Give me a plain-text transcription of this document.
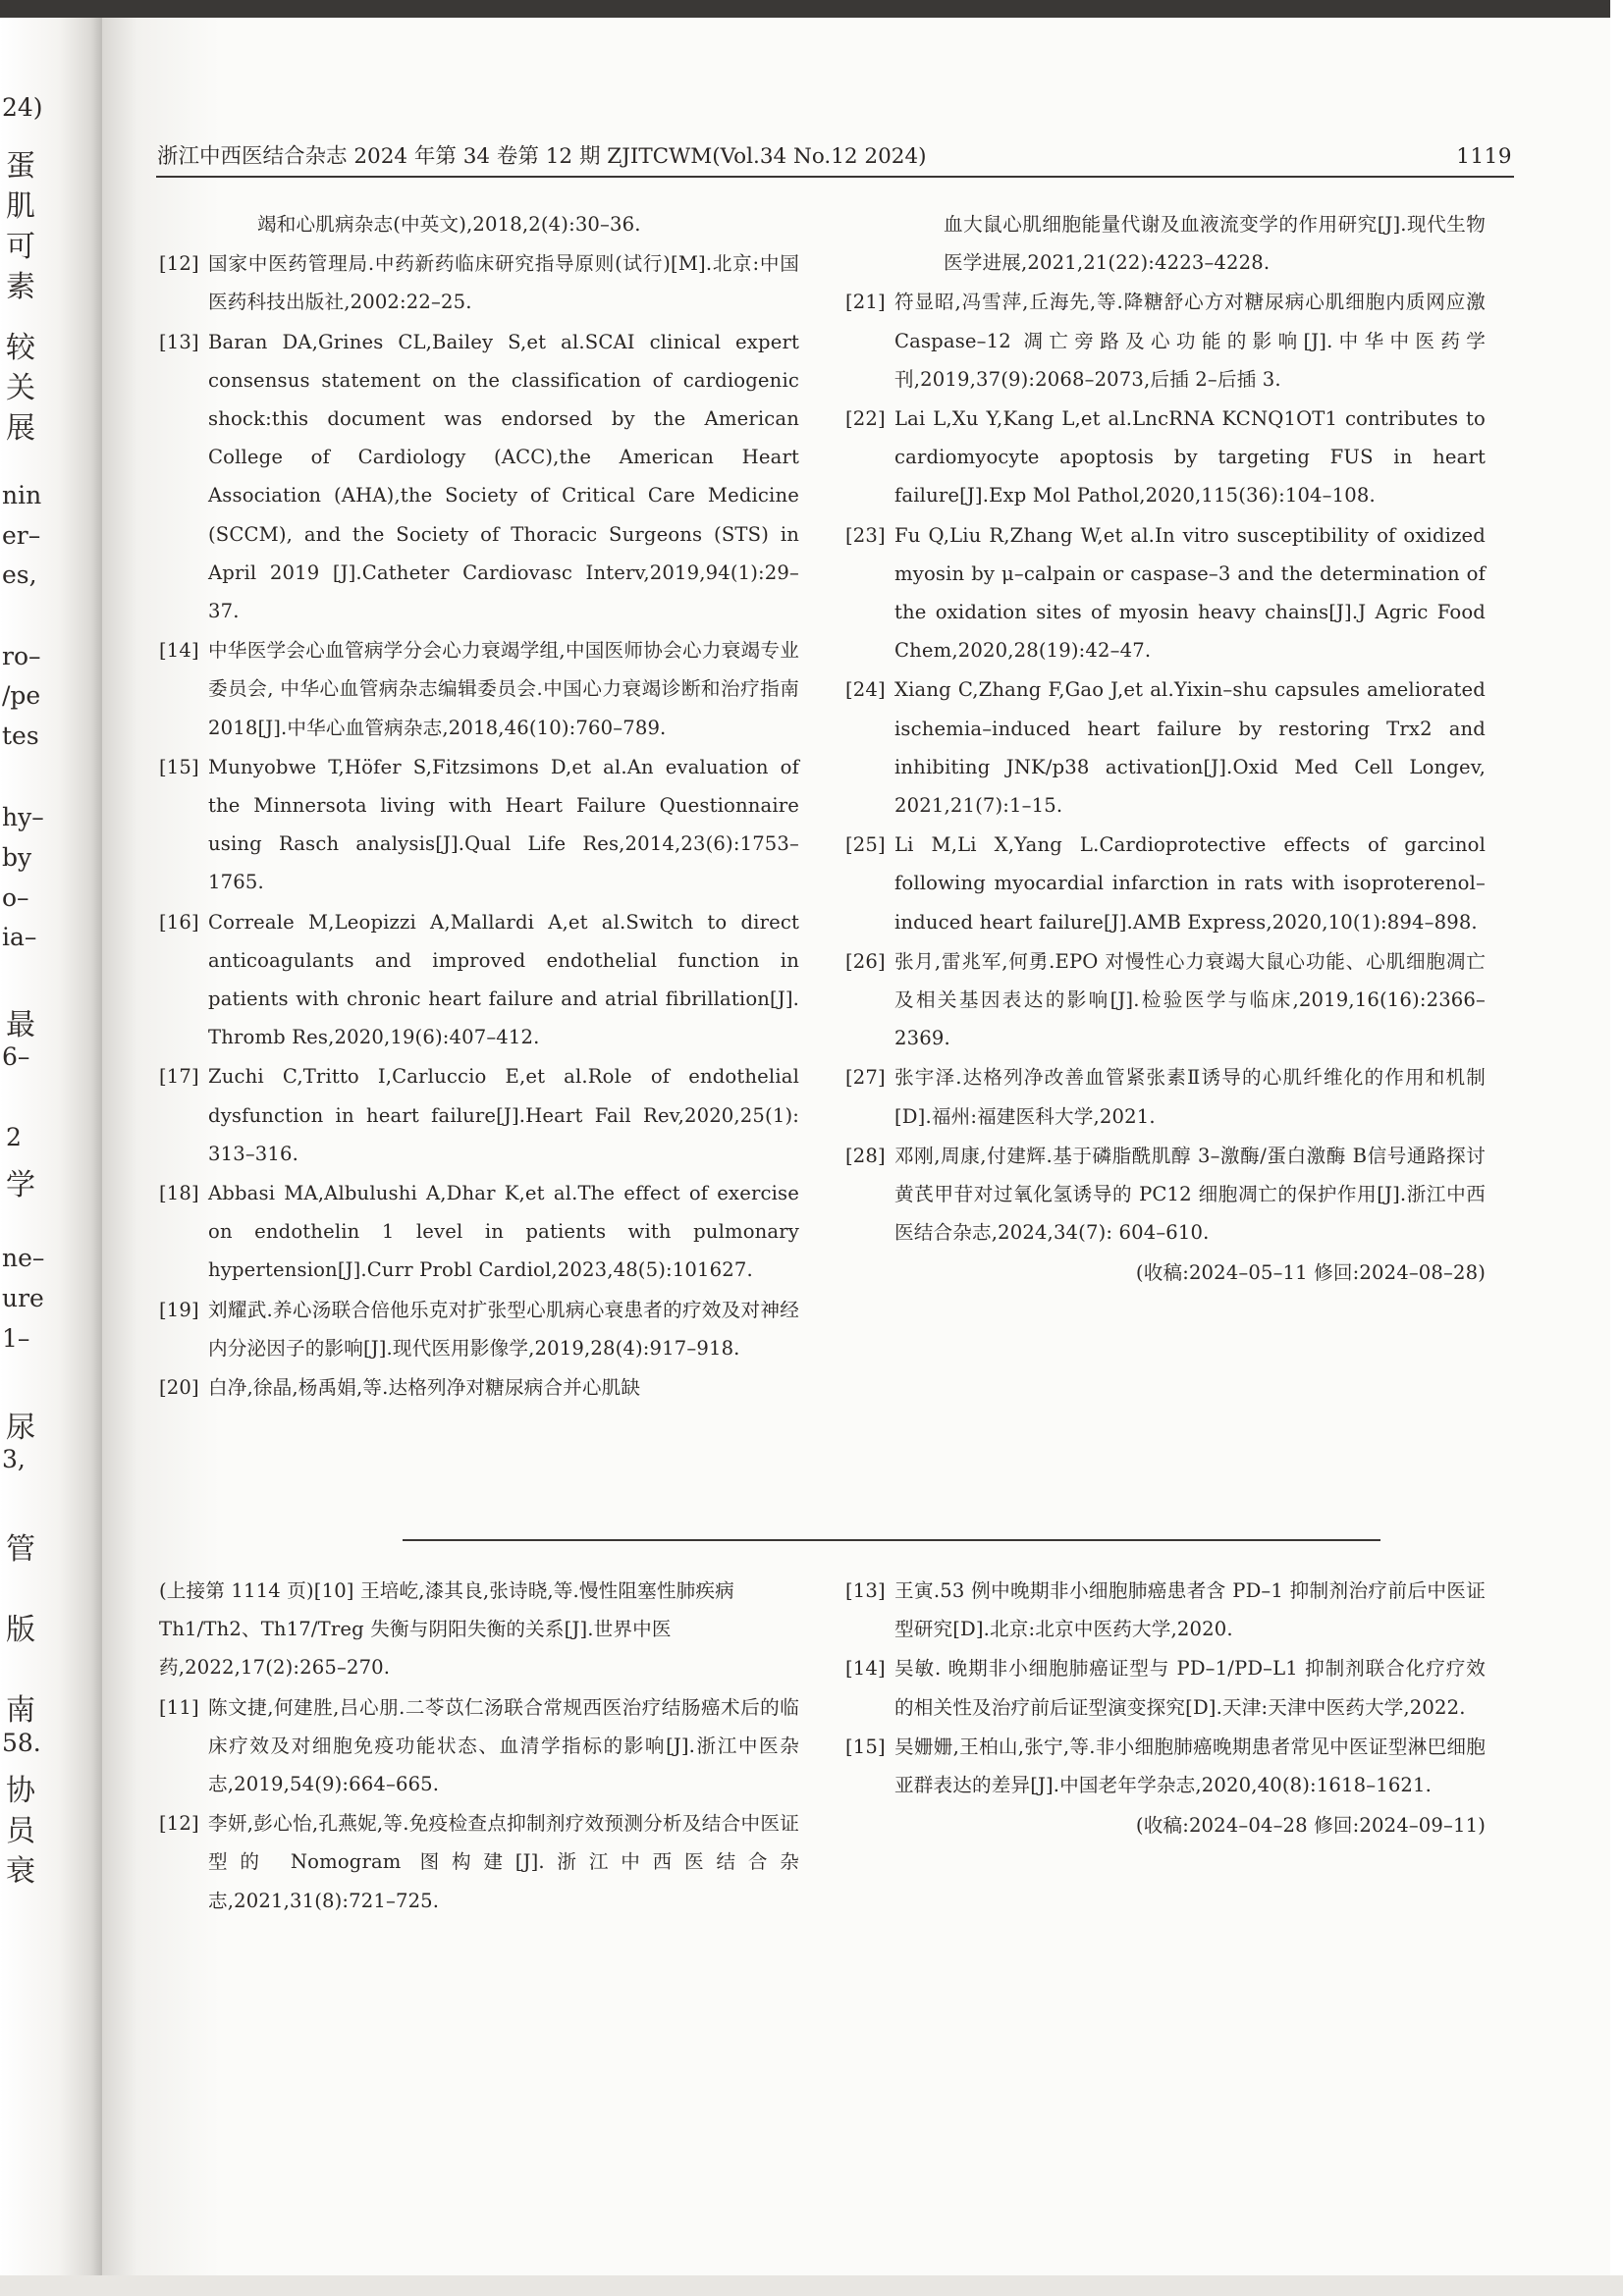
24)
蛋
肌
可
素
较
关
展
nin
er–
es,
ro–
/pe
tes
hy–
by
o–
ia–
最
6–
2
学
ne–
ure
1–
尿
3,
管
版
南
58.
协
员
衰
浙江中西医结合杂志 2024 年第 34 卷第 12 期 ZJITCWM(Vol.34 No.12 2024)	1119
竭和心肌病杂志(中英文),2018,2(4):30–36.
[12] 国家中医药管理局.中药新药临床研究指导原则(试行)[M].北京:中国医药科技出版社,2002:22–25.
[13] Baran DA,Grines CL,Bailey S,et al.SCAI clinical expert consensus statement on the classification of cardiogenic shock:this document was endorsed by the American College of Cardiology (ACC),the American Heart Association (AHA),the Society of Critical Care Medicine (SCCM), and the Society of Thoracic Surgeons (STS) in April 2019 [J].Catheter Cardiovasc Interv,2019,94(1):29–37.
[14] 中华医学会心血管病学分会心力衰竭学组,中国医师协会心力衰竭专业委员会, 中华心血管病杂志编辑委员会.中国心力衰竭诊断和治疗指南 2018[J].中华心血管病杂志,2018,46(10):760–789.
[15] Munyobwe T,Höfer S,Fitzsimons D,et al.An evaluation of the Minnersota living with Heart Failure Questionnaire using Rasch analysis[J].Qual Life Res,2014,23(6):1753–1765.
[16] Correale M,Leopizzi A,Mallardi A,et al.Switch to direct anticoagulants and improved endothelial function in patients with chronic heart failure and atrial fibrillation[J]. Thromb Res,2020,19(6):407–412.
[17] Zuchi C,Tritto I,Carluccio E,et al.Role of endothelial dysfunction in heart failure[J].Heart Fail Rev,2020,25(1): 313–316.
[18] Abbasi MA,Albulushi A,Dhar K,et al.The effect of exercise on endothelin 1 level in patients with pulmonary hypertension[J].Curr Probl Cardiol,2023,48(5):101627.
[19] 刘耀武.养心汤联合倍他乐克对扩张型心肌病心衰患者的疗效及对神经内分泌因子的影响[J].现代医用影像学,2019,28(4):917–918.
[20] 白净,徐晶,杨禹娟,等.达格列净对糖尿病合并心肌缺
血大鼠心肌细胞能量代谢及血液流变学的作用研究[J].现代生物医学进展,2021,21(22):4223–4228.
[21] 符显昭,冯雪萍,丘海先,等.降糖舒心方对糖尿病心肌细胞内质网应激 Caspase–12 凋亡旁路及心功能的影响[J].中华中医药学刊,2019,37(9):2068–2073,后插 2–后插 3.
[22] Lai L,Xu Y,Kang L,et al.LncRNA KCNQ1OT1 contributes to cardiomyocyte apoptosis by targeting FUS in heart failure[J].Exp Mol Pathol,2020,115(36):104–108.
[23] Fu Q,Liu R,Zhang W,et al.In vitro susceptibility of oxidized myosin by μ–calpain or caspase–3 and the determination of the oxidation sites of myosin heavy chains[J].J Agric Food Chem,2020,28(19):42–47.
[24] Xiang C,Zhang F,Gao J,et al.Yixin–shu capsules ameliorated ischemia–induced heart failure by restoring Trx2 and inhibiting JNK/p38 activation[J].Oxid Med Cell Longev, 2021,21(7):1–15.
[25] Li M,Li X,Yang L.Cardioprotective effects of garcinol following myocardial infarction in rats with isoproterenol–induced heart failure[J].AMB Express,2020,10(1):894–898.
[26] 张月,雷兆军,何勇.EPO 对慢性心力衰竭大鼠心功能、心肌细胞凋亡及相关基因表达的影响[J].检验医学与临床,2019,16(16):2366–2369.
[27] 张宇泽.达格列净改善血管紧张素Ⅱ诱导的心肌纤维化的作用和机制[D].福州:福建医科大学,2021.
[28] 邓刚,周康,付建辉.基于磷脂酰肌醇 3–激酶/蛋白激酶 B信号通路探讨黄芪甲苷对过氧化氢诱导的 PC12 细胞凋亡的保护作用[J].浙江中西医结合杂志,2024,34(7): 604–610.
(收稿:2024–05–11 修回:2024–08–28)
(上接第 1114 页)[10] 王培屹,漆其良,张诗晓,等.慢性阻塞性肺疾病 Th1/Th2、Th17/Treg 失衡与阴阳失衡的关系[J].世界中医药,2022,17(2):265–270.
[11] 陈文捷,何建胜,吕心朋.二苓苡仁汤联合常规西医治疗结肠癌术后的临床疗效及对细胞免疫功能状态、血清学指标的影响[J].浙江中医杂志,2019,54(9):664–665.
[12] 李妍,彭心怡,孔燕妮,等.免疫检查点抑制剂疗效预测分析及结合中医证型的 Nomogram 图构建[J].浙江中西医结合杂志,2021,31(8):721–725.
[13] 王寅.53 例中晚期非小细胞肺癌患者含 PD–1 抑制剂治疗前后中医证型研究[D].北京:北京中医药大学,2020.
[14] 吴敏. 晚期非小细胞肺癌证型与 PD–1/PD–L1 抑制剂联合化疗疗效的相关性及治疗前后证型演变探究[D].天津:天津中医药大学,2022.
[15] 吴姗姗,王柏山,张宁,等.非小细胞肺癌晚期患者常见中医证型淋巴细胞亚群表达的差异[J].中国老年学杂志,2020,40(8):1618–1621.
(收稿:2024–04–28 修回:2024–09–11)
